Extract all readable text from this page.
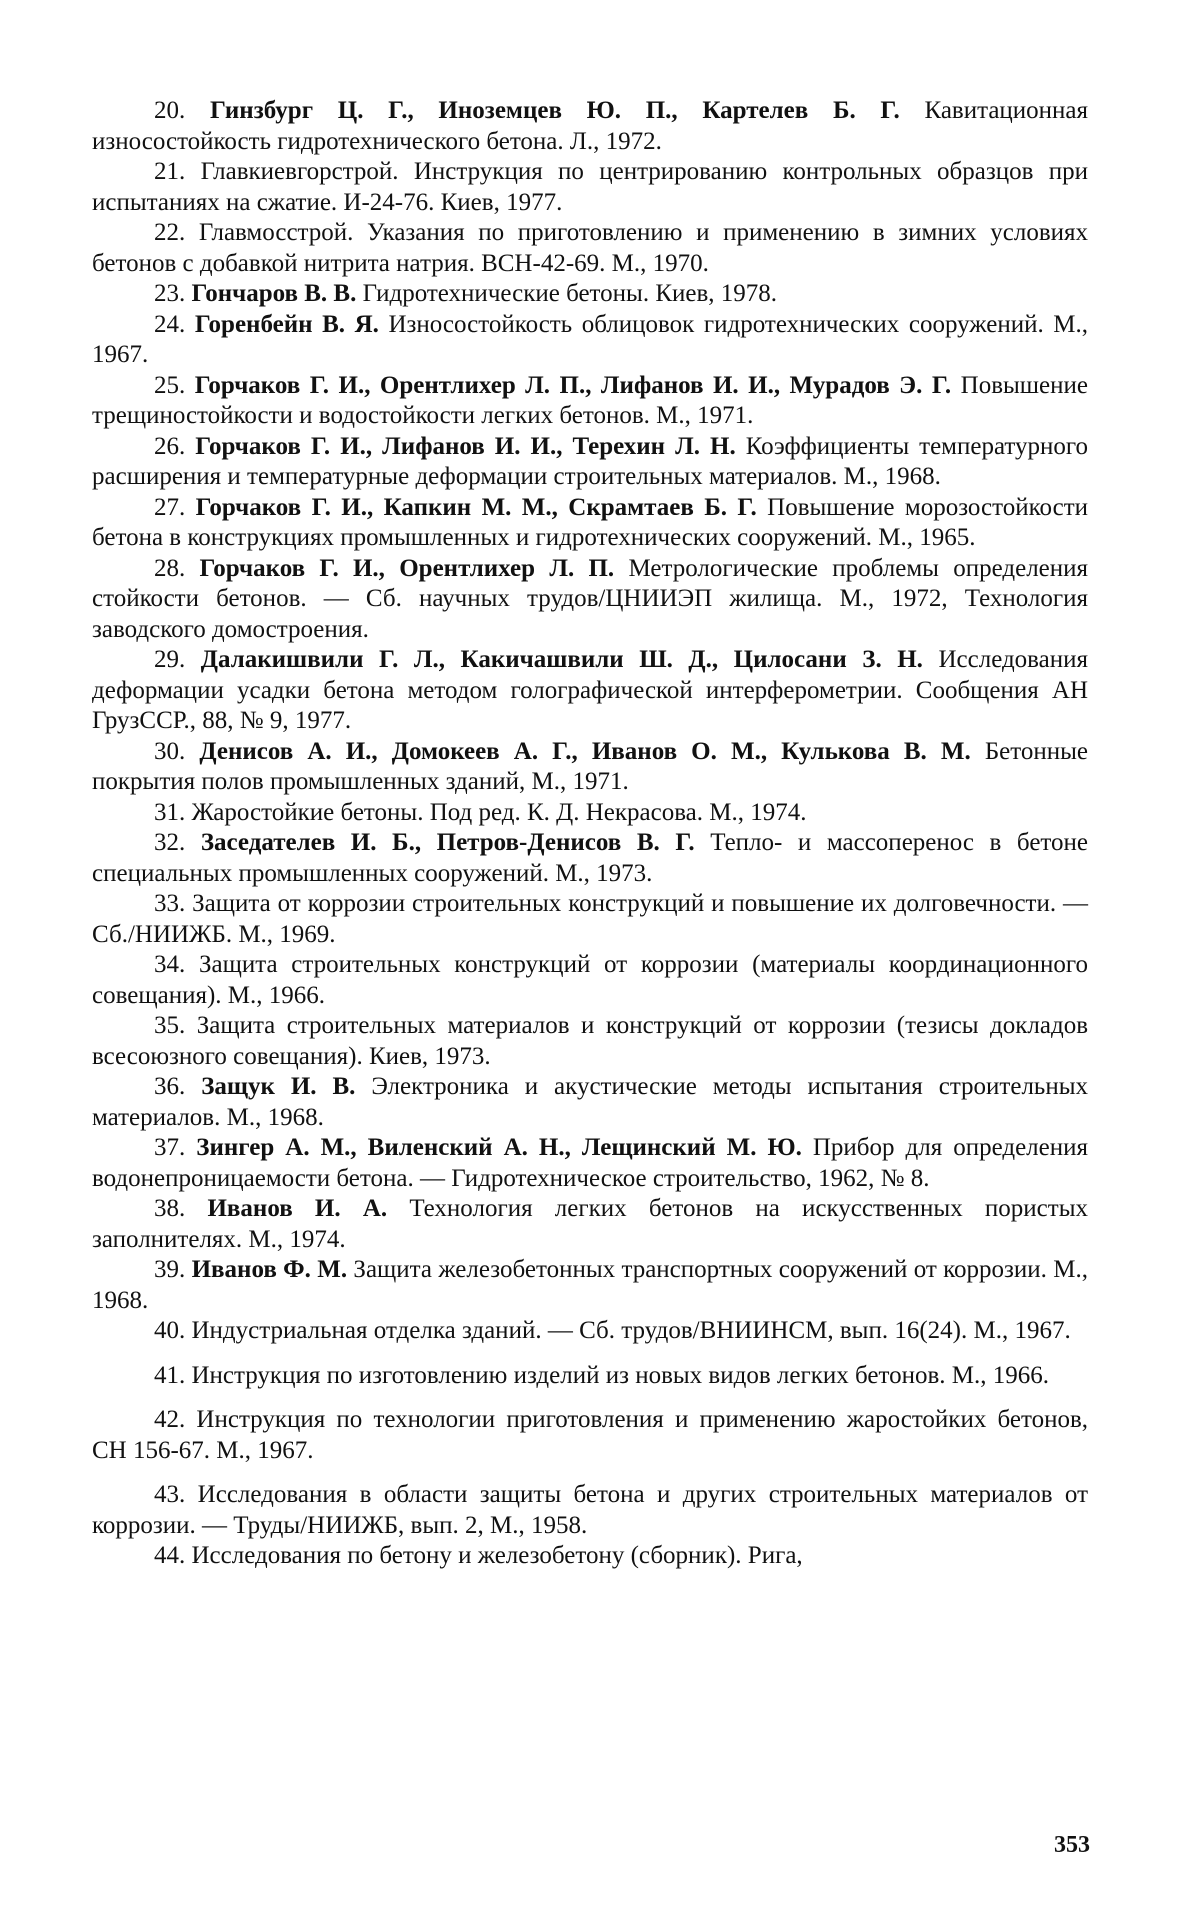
20. Гинзбург Ц. Г., Иноземцев Ю. П., Картелев Б. Г. Кавитационная износостойкость гидротехнического бетона. Л., 1972.

21. Главкиевгорстрой. Инструкция по центрированию контрольных образцов при испытаниях на сжатие. И-24-76. Киев, 1977.

22. Главмосстрой. Указания по приготовлению и применению в зимних условиях бетонов с добавкой нитрита натрия. ВСН-42-69. М., 1970.

23. Гончаров В. В. Гидротехнические бетоны. Киев, 1978.

24. Горенбейн В. Я. Износостойкость облицовок гидротехнических сооружений. М., 1967.

25. Горчаков Г. И., Орентлихер Л. П., Лифанов И. И., Мурадов Э. Г. Повышение трещиностойкости и водостойкости легких бетонов. М., 1971.

26. Горчаков Г. И., Лифанов И. И., Терехин Л. Н. Коэффициенты температурного расширения и температурные деформации строительных материалов. М., 1968.

27. Горчаков Г. И., Капкин М. М., Скрамтаев Б. Г. Повышение морозостойкости бетона в конструкциях промышленных и гидротехнических сооружений. М., 1965.

28. Горчаков Г. И., Орентлихер Л. П. Метрологические проблемы определения стойкости бетонов. — Сб. научных трудов/ЦНИИЭП жилища. М., 1972, Технология заводского домостроения.

29. Далакишвили Г. Л., Какичашвили Ш. Д., Цилосани З. Н. Исследования деформации усадки бетона методом голографической интерферометрии. Сообщения АН ГрузССР., 88, № 9, 1977.

30. Денисов А. И., Домокеев А. Г., Иванов О. М., Кулькова В. М. Бетонные покрытия полов промышленных зданий, М., 1971.

31. Жаростойкие бетоны. Под ред. К. Д. Некрасова. М., 1974.

32. Заседателев И. Б., Петров-Денисов В. Г. Тепло- и массоперенос в бетоне специальных промышленных сооружений. М., 1973.

33. Защита от коррозии строительных конструкций и повышение их долговечности. — Сб./НИИЖБ. М., 1969.

34. Защита строительных конструкций от коррозии (материалы координационного совещания). М., 1966.

35. Защита строительных материалов и конструкций от коррозии (тезисы докладов всесоюзного совещания). Киев, 1973.

36. Защук И. В. Электроника и акустические методы испытания строительных материалов. М., 1968.

37. Зингер А. М., Виленский А. Н., Лещинский М. Ю. Прибор для определения водонепроницаемости бетона. — Гидротехническое строительство, 1962, № 8.

38. Иванов И. А. Технология легких бетонов на искусственных пористых заполнителях. М., 1974.

39. Иванов Ф. М. Защита железобетонных транспортных сооружений от коррозии. М., 1968.

40. Индустриальная отделка зданий. — Сб. трудов/ВНИИНСМ, вып. 16(24). М., 1967.

41. Инструкция по изготовлению изделий из новых видов легких бетонов. М., 1966.

42. Инструкция по технологии приготовления и применению жаростойких бетонов, СН 156-67. М., 1967.

43. Исследования в области защиты бетона и других строительных материалов от коррозии. — Труды/НИИЖБ, вып. 2, М., 1958.

44. Исследования по бетону и железобетону (сборник). Рига,

353
